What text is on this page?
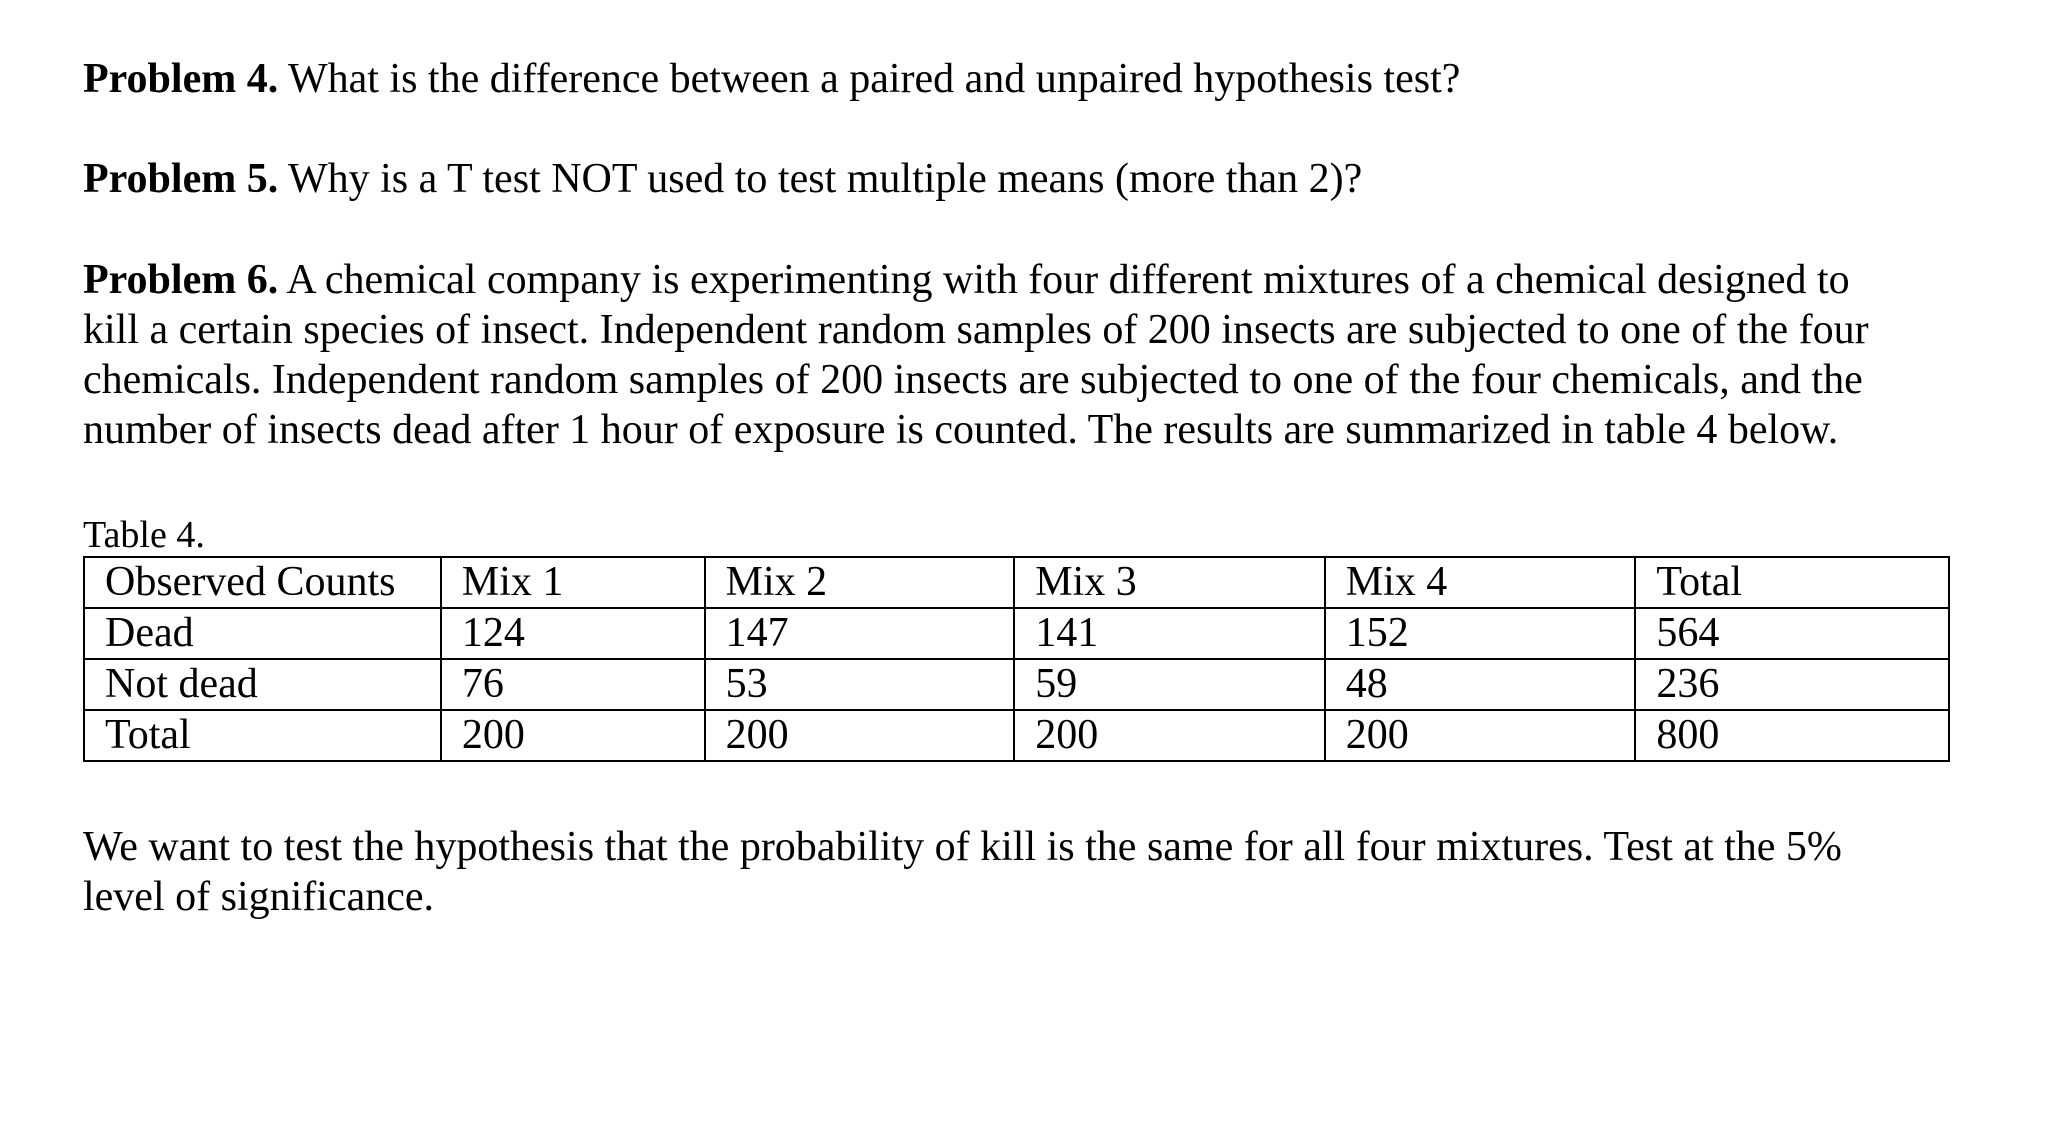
Problem 4. What is the difference between a paired and unpaired hypothesis test?
Problem 5. Why is a T test NOT used to test multiple means (more than 2)?
Problem 6. A chemical company is experimenting with four different mixtures of a chemical designed to
kill a certain species of insect. Independent random samples of 200 insects are subjected to one of the four
chemicals. Independent random samples of 200 insects are subjected to one of the four chemicals, and the
number of insects dead after 1 hour of exposure is counted. The results are summarized in table 4 below.
Table 4.
Observed Counts	Mix 1	Mix 2	Mix 3	Mix 4	Total
Dead	124	147	141	152	564
Not dead	76	53	59	48	236
Total	200	200	200	200	800
We want to test the hypothesis that the probability of kill is the same for all four mixtures. Test at the 5%
level of significance.
